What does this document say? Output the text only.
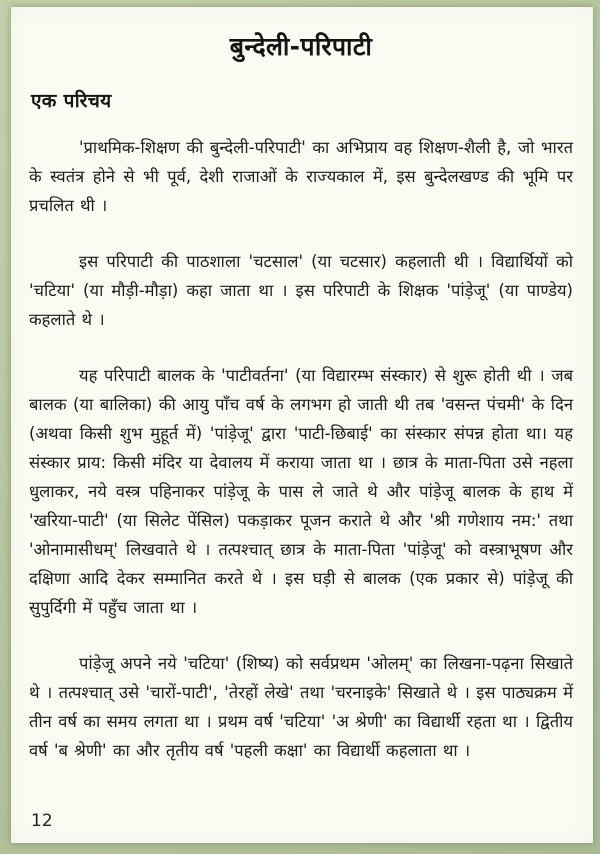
बुन्देली-परिपाटी
एक परिचय

'प्राथमिक-शिक्षण की बुन्देली-परिपाटी' का अभिप्राय वह शिक्षण-शैली है, जो भारत के स्वतंत्र होने से भी पूर्व, देशी राजाओं के राज्यकाल में, इस बुन्देलखण्ड की भूमि पर प्रचलित थी ।

इस परिपाटी की पाठशाला 'चटसाल' (या चटसार) कहलाती थी । विद्यार्थियों को 'चटिया' (या मौड़ी-मौड़ा) कहा जाता था । इस परिपाटी के शिक्षक 'पांड़ेजू' (या पाण्डेय) कहलाते थे ।

यह परिपाटी बालक के 'पाटीवर्तना' (या विद्यारम्भ संस्कार) से शुरू होती थी । जब बालक (या बालिका) की आयु पाँच वर्ष के लगभग हो जाती थी तब 'वसन्त पंचमी' के दिन (अथवा किसी शुभ मुहूर्त में) 'पांड़ेजू' द्वारा 'पाटी-छिबाई' का संस्कार संपन्न होता था। यह संस्कार प्राय: किसी मंदिर या देवालय में कराया जाता था । छात्र के माता-पिता उसे नहला धुलाकर, नये वस्त्र पहिनाकर पांड़ेजू के पास ले जाते थे और पांड़ेजू बालक के हाथ में 'खरिया-पाटी' (या सिलेट पेंसिल) पकड़ाकर पूजन कराते थे और 'श्री गणेशाय नम:' तथा 'ओनामासीधम्' लिखवाते थे । तत्पश्चात् छात्र के माता-पिता 'पांड़ेजू' को वस्त्राभूषण और दक्षिणा आदि देकर सम्मानित करते थे । इस घड़ी से बालक (एक प्रकार से) पांड़ेजू की सुपुर्दिगी में पहुँच जाता था ।

पांड़ेजू अपने नये 'चटिया' (शिष्य) को सर्वप्रथम 'ओलम्' का लिखना-पढ़ना सिखाते थे । तत्पश्चात् उसे 'चारों-पाटी', 'तेरहों लेखे' तथा 'चरनाइके' सिखाते थे । इस पाठ्यक्रम में तीन वर्ष का समय लगता था । प्रथम वर्ष 'चटिया' 'अ श्रेणी' का विद्यार्थी रहता था । द्वितीय वर्ष 'ब श्रेणी' का और तृतीय वर्ष 'पहली कक्षा' का विद्यार्थी कहलाता था ।

12
